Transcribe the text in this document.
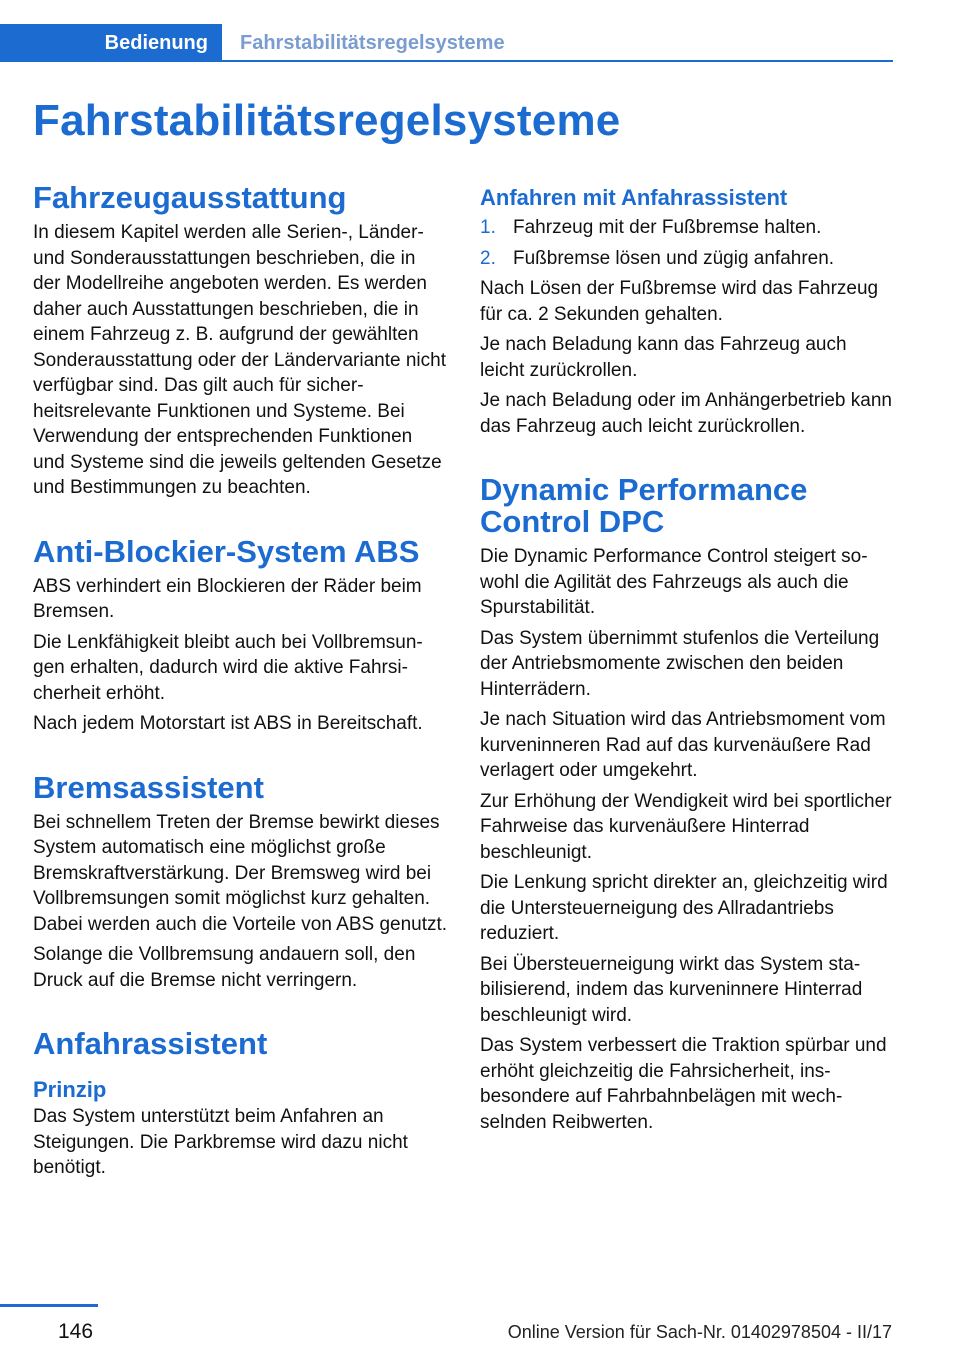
Bedienung	Fahrstabilitätsregelsysteme
Fahrstabilitätsregelsysteme
Fahrzeugausstattung

In diesem Kapitel werden alle Serien-, Länder- und Sonderausstattungen beschrieben, die in der Modellreihe angeboten werden. Es werden daher auch Ausstattungen beschrieben, die in einem Fahrzeug z. B. aufgrund der gewählten Sonderausstattung oder der Ländervariante nicht verfügbar sind. Das gilt auch für sicherheitsrelevante Funktionen und Systeme. Bei Verwendung der entsprechenden Funktionen und Systeme sind die jeweils geltenden Gesetze und Bestimmungen zu beachten.

Anti-Blockier-System ABS

ABS verhindert ein Blockieren der Räder beim Bremsen.

Die Lenkfähigkeit bleibt auch bei Vollbremsungen erhalten, dadurch wird die aktive Fahrsicherheit erhöht.

Nach jedem Motorstart ist ABS in Bereitschaft.

Bremsassistent

Bei schnellem Treten der Bremse bewirkt dieses System automatisch eine möglichst große Bremskraftverstärkung. Der Bremsweg wird bei Vollbremsungen somit möglichst kurz gehalten. Dabei werden auch die Vorteile von ABS genutzt.

Solange die Vollbremsung andauern soll, den Druck auf die Bremse nicht verringern.

Anfahrassistent
Prinzip

Das System unterstützt beim Anfahren an Steigungen. Die Parkbremse wird dazu nicht benötigt.

Anfahren mit Anfahrassistent
1. Fahrzeug mit der Fußbremse halten.
2. Fußbremse lösen und zügig anfahren.

Nach Lösen der Fußbremse wird das Fahrzeug für ca. 2 Sekunden gehalten.

Je nach Beladung kann das Fahrzeug auch leicht zurückrollen.

Je nach Beladung oder im Anhängerbetrieb kann das Fahrzeug auch leicht zurückrollen.

Dynamic Performance Control DPC

Die Dynamic Performance Control steigert sowohl die Agilität des Fahrzeugs als auch die Spurstabilität.

Das System übernimmt stufenlos die Verteilung der Antriebsmomente zwischen den beiden Hinterrädern.

Je nach Situation wird das Antriebsmoment vom kurveninneren Rad auf das kurvenäußere Rad verlagert oder umgekehrt.

Zur Erhöhung der Wendigkeit wird bei sportlicher Fahrweise das kurvenäußere Hinterrad beschleunigt.

Die Lenkung spricht direkter an, gleichzeitig wird die Untersteuerneigung des Allradantriebs reduziert.

Bei Übersteuerneigung wirkt das System stabilisierend, indem das kurveninnere Hinterrad beschleunigt wird.

Das System verbessert die Traktion spürbar und erhöht gleichzeitig die Fahrsicherheit, insbesondere auf Fahrbahnbelägen mit wechselnden Reibwerten.

146	Online Version für Sach-Nr. 01402978504 - II/17
